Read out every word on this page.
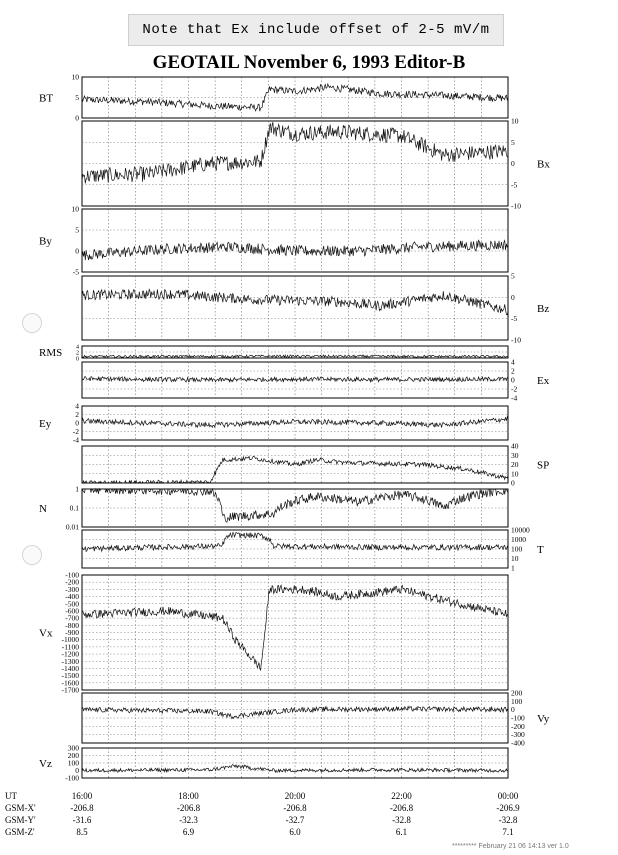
Note that Ex include offset of 2-5 mV/m
GEOTAIL November 6, 1993 Editor-B
10
5
0
BT
10
5
0
-5
-10
Bx
10
5
0
-5
By
5
0
-5
-10
Bz
4
2
0
RMS
4
2
0
-2
-4
Ex
4
2
0
-2
-4
Ey
40
30
20
10
0
SP
1
0.1
0.01
N
10000
1000
100
10
1
T
-100
-200
-300
-400
-500
-600
-700
-800
-900
-1000
-1100
-1200
-1300
-1400
-1500
-1600
-1700
Vx
200
100
0
-100
-200
-300
-400
Vy
300
200
100
0
-100
Vz
UT	16:00	18:00	20:00	22:00	00:00
GSM-X'	-206.8	-206.8	-206.8	-206.8	-206.9
GSM-Y'	-31.6	-32.3	-32.7	-32.8	-32.8
GSM-Z'	8.5	6.9	6.0	6.1	7.1
********* February 21 06 14:13 ver 1.0
